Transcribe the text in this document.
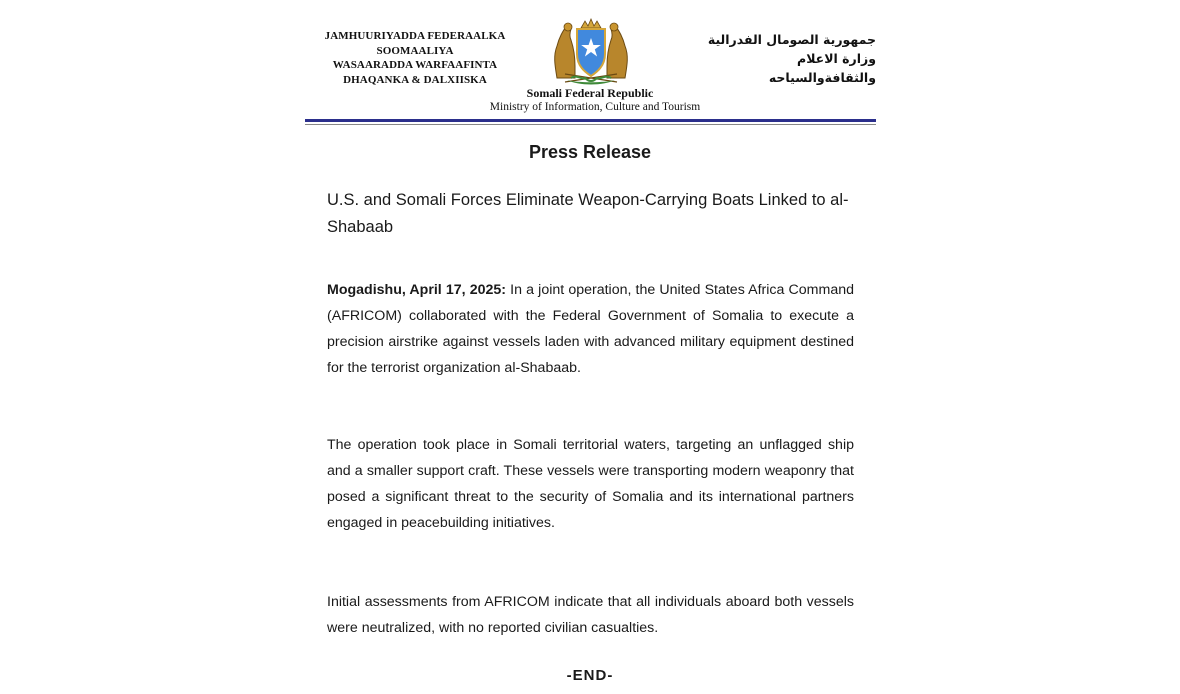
JAMHUURIYADDA FEDERAALKA
SOOMAALIYA
WASAARADDA WARFAAFINTA
DHAQANKA & DALXIISKA
جمهورية الصومال الفدرالية
وزارة الاعلام
والثقافةوالسياحه
Somali Federal Republic
Ministry of Information, Culture and Tourism
Press Release
U.S. and Somali Forces Eliminate Weapon-Carrying Boats Linked to al-Shabaab
Mogadishu, April 17, 2025: In a joint operation, the United States Africa Command (AFRICOM) collaborated with the Federal Government of Somalia to execute a precision airstrike against vessels laden with advanced military equipment destined for the terrorist organization al-Shabaab.
The operation took place in Somali territorial waters, targeting an unflagged ship and a smaller support craft. These vessels were transporting modern weaponry that posed a significant threat to the security of Somalia and its international partners engaged in peacebuilding initiatives.
Initial assessments from AFRICOM indicate that all individuals aboard both vessels were neutralized, with no reported civilian casualties.
-END-
